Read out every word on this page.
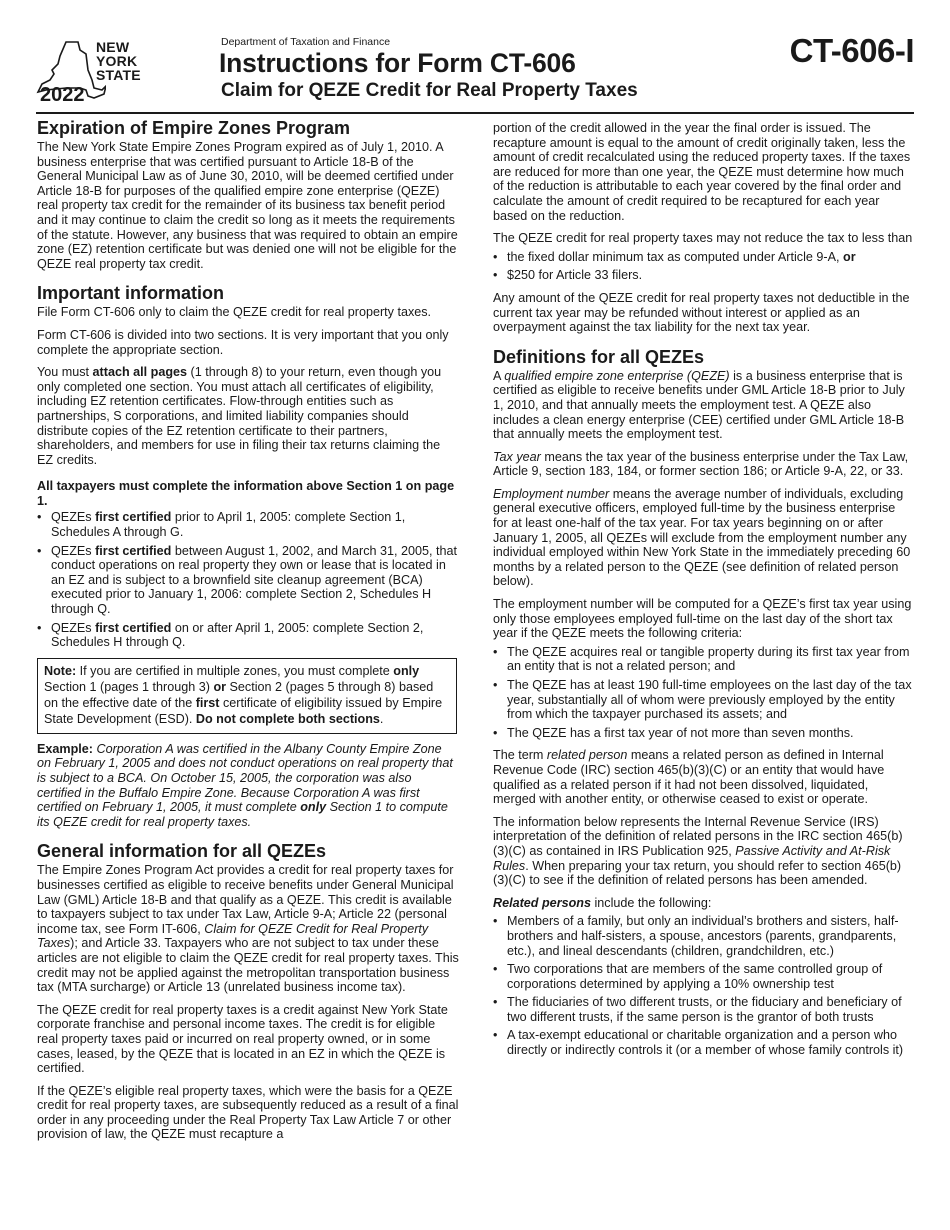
NEW
YORK
STATE
2022
Department of Taxation and Finance
Instructions for Form CT-606
Claim for QEZE Credit for Real Property Taxes
CT-606-I
Expiration of Empire Zones Program

The New York State Empire Zones Program expired as of July 1, 2010. A business enterprise that was certified pursuant to Article 18-B of the General Municipal Law as of June 30, 2010, will be deemed certified under Article 18-B for purposes of the qualified empire zone enterprise (QEZE) real property tax credit for the remainder of its business tax benefit period and it may continue to claim the credit so long as it meets the requirements of the statute. However, any business that was required to obtain an empire zone (EZ) retention certificate but was denied one will not be eligible for the QEZE real property tax credit.

Important information

File Form CT-606 only to claim the QEZE credit for real property taxes.

Form CT-606 is divided into two sections. It is very important that you only complete the appropriate section.

You must attach all pages (1 through 8) to your return, even though you only completed one section. You must attach all certificates of eligibility, including EZ retention certificates. Flow-through entities such as partnerships, S corporations, and limited liability companies should distribute copies of the EZ retention certificate to their partners, shareholders, and members for use in filing their tax returns claiming the EZ credits.

All taxpayers must complete the information above Section 1 on page 1.

• QEZEs first certified prior to April 1, 2005: complete Section 1, Schedules A through G.
• QEZEs first certified between August 1, 2002, and March 31, 2005, that conduct operations on real property they own or lease that is located in an EZ and is subject to a brownfield site cleanup agreement (BCA) executed prior to January 1, 2006: complete Section 2, Schedules H through Q.
• QEZEs first certified on or after April 1, 2005: complete Section 2, Schedules H through Q.
Note: If you are certified in multiple zones, you must complete only Section 1 (pages 1 through 3) or Section 2 (pages 5 through 8) based on the effective date of the first certificate of eligibility issued by Empire State Development (ESD). Do not complete both sections.

Example: Corporation A was certified in the Albany County Empire Zone on February 1, 2005 and does not conduct operations on real property that is subject to a BCA. On October 15, 2005, the corporation was also certified in the Buffalo Empire Zone. Because Corporation A was first certified on February 1, 2005, it must complete only Section 1 to compute its QEZE credit for real property taxes.

General information for all QEZEs

The Empire Zones Program Act provides a credit for real property taxes for businesses certified as eligible to receive benefits under General Municipal Law (GML) Article 18-B and that qualify as a QEZE. This credit is available to taxpayers subject to tax under Tax Law, Article 9-A; Article 22 (personal income tax, see Form IT-606, Claim for QEZE Credit for Real Property Taxes); and Article 33. Taxpayers who are not subject to tax under these articles are not eligible to claim the QEZE credit for real property taxes. This credit may not be applied against the metropolitan transportation business tax (MTA surcharge) or Article 13 (unrelated business income tax).

The QEZE credit for real property taxes is a credit against New York State corporate franchise and personal income taxes. The credit is for eligible real property taxes paid or incurred on real property owned, or in some cases, leased, by the QEZE that is located in an EZ in which the QEZE is certified.

If the QEZE’s eligible real property taxes, which were the basis for a QEZE credit for real property taxes, are subsequently reduced as a result of a final order in any proceeding under the Real Property Tax Law Article 7 or other provision of law, the QEZE must recapture a

portion of the credit allowed in the year the final order is issued. The recapture amount is equal to the amount of credit originally taken, less the amount of credit recalculated using the reduced property taxes. If the taxes are reduced for more than one year, the QEZE must determine how much of the reduction is attributable to each year covered by the final order and calculate the amount of credit required to be recaptured for each year based on the reduction.

The QEZE credit for real property taxes may not reduce the tax to less than

• the fixed dollar minimum tax as computed under Article 9-A, or
• $250 for Article 33 filers.

Any amount of the QEZE credit for real property taxes not deductible in the current tax year may be refunded without interest or applied as an overpayment against the tax liability for the next tax year.

Definitions for all QEZEs

A qualified empire zone enterprise (QEZE) is a business enterprise that is certified as eligible to receive benefits under GML Article 18-B prior to July 1, 2010, and that annually meets the employment test. A QEZE also includes a clean energy enterprise (CEE) certified under GML Article 18-B that annually meets the employment test.

Tax year means the tax year of the business enterprise under the Tax Law, Article 9, section 183, 184, or former section 186; or Article 9-A, 22, or 33.

Employment number means the average number of individuals, excluding general executive officers, employed full-time by the business enterprise for at least one-half of the tax year. For tax years beginning on or after January 1, 2005, all QEZEs will exclude from the employment number any individual employed within New York State in the immediately preceding 60 months by a related person to the QEZE (see definition of related person below).

The employment number will be computed for a QEZE’s first tax year using only those employees employed full-time on the last day of the short tax year if the QEZE meets the following criteria:

• The QEZE acquires real or tangible property during its first tax year from an entity that is not a related person; and
• The QEZE has at least 190 full-time employees on the last day of the tax year, substantially all of whom were previously employed by the entity from which the taxpayer purchased its assets; and
• The QEZE has a first tax year of not more than seven months.

The term related person means a related person as defined in Internal Revenue Code (IRC) section 465(b)(3)(C) or an entity that would have qualified as a related person if it had not been dissolved, liquidated, merged with another entity, or otherwise ceased to exist or operate.

The information below represents the Internal Revenue Service (IRS) interpretation of the definition of related persons in the IRC section 465(b)(3)(C) as contained in IRS Publication 925, Passive Activity and At-Risk Rules. When preparing your tax return, you should refer to section 465(b)(3)(C) to see if the definition of related persons has been amended.

Related persons include the following:

• Members of a family, but only an individual’s brothers and sisters, half-brothers and half-sisters, a spouse, ancestors (parents, grandparents, etc.), and lineal descendants (children, grandchildren, etc.)
• Two corporations that are members of the same controlled group of corporations determined by applying a 10% ownership test
• The fiduciaries of two different trusts, or the fiduciary and beneficiary of two different trusts, if the same person is the grantor of both trusts
• A tax-exempt educational or charitable organization and a person who directly or indirectly controls it (or a member of whose family controls it)
